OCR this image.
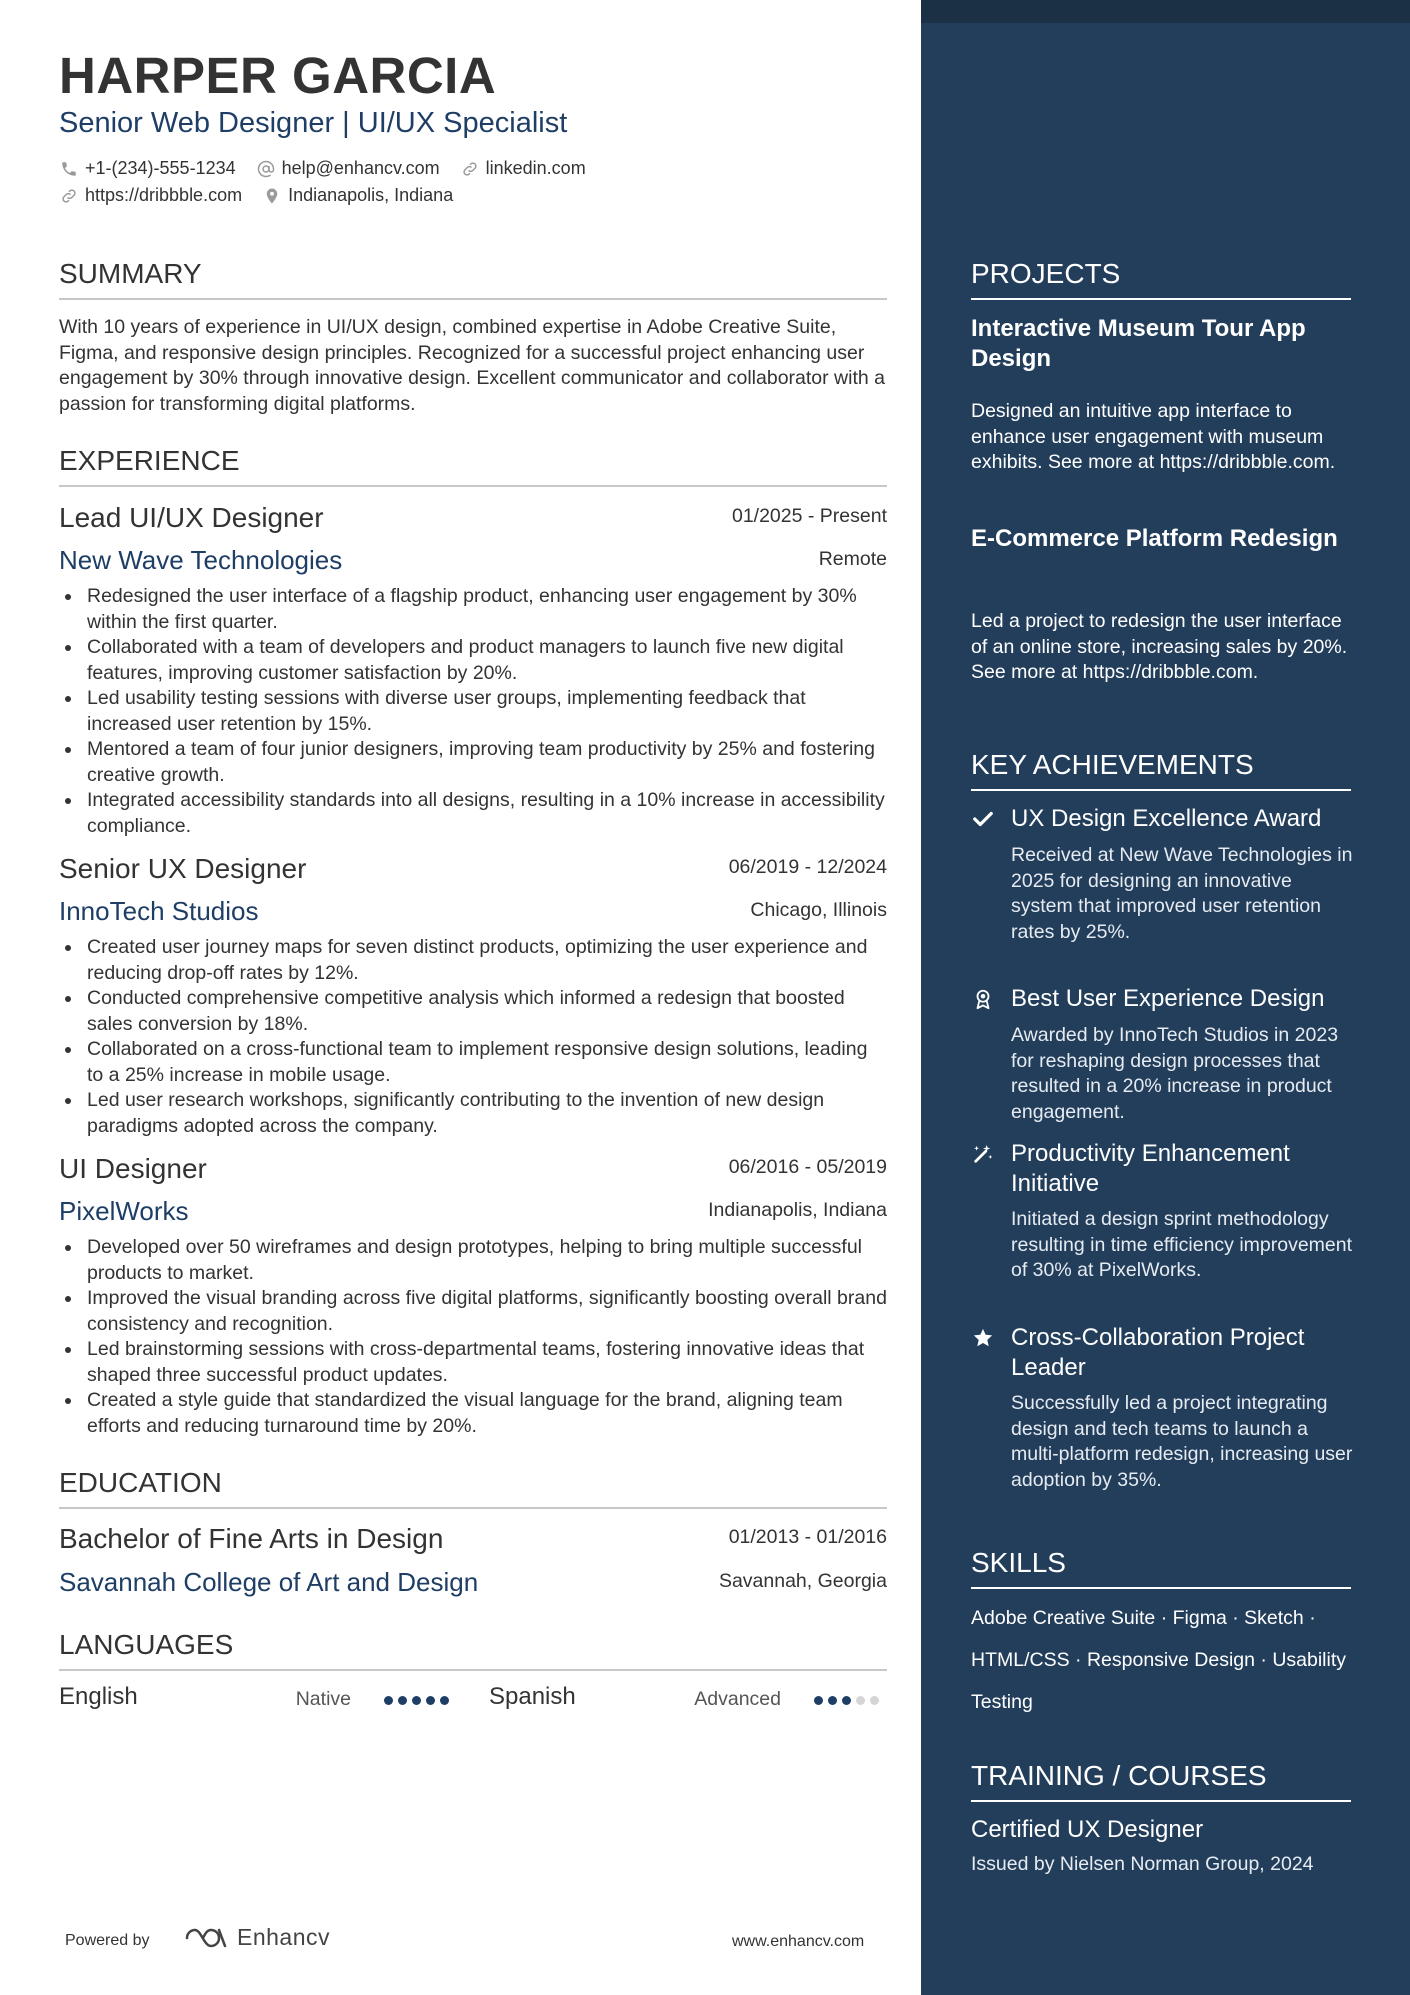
HARPER GARCIA
Senior Web Designer | UI/UX Specialist
+1-(234)-555-1234	help@enhancv.com	linkedin.com
https://dribbble.com	Indianapolis, Indiana
SUMMARY
With 10 years of experience in UI/UX design, combined expertise in Adobe Creative Suite, Figma, and responsive design principles. Recognized for a successful project enhancing user engagement by 30% through innovative design. Excellent communicator and collaborator with a passion for transforming digital platforms.
EXPERIENCE
Lead UI/UX Designer	01/2025 - Present
New Wave Technologies	Remote
Redesigned the user interface of a flagship product, enhancing user engagement by 30% within the first quarter.
Collaborated with a team of developers and product managers to launch five new digital features, improving customer satisfaction by 20%.
Led usability testing sessions with diverse user groups, implementing feedback that increased user retention by 15%.
Mentored a team of four junior designers, improving team productivity by 25% and fostering creative growth.
Integrated accessibility standards into all designs, resulting in a 10% increase in accessibility compliance.
Senior UX Designer	06/2019 - 12/2024
InnoTech Studios	Chicago, Illinois
Created user journey maps for seven distinct products, optimizing the user experience and reducing drop-off rates by 12%.
Conducted comprehensive competitive analysis which informed a redesign that boosted sales conversion by 18%.
Collaborated on a cross-functional team to implement responsive design solutions, leading to a 25% increase in mobile usage.
Led user research workshops, significantly contributing to the invention of new design paradigms adopted across the company.
UI Designer	06/2016 - 05/2019
PixelWorks	Indianapolis, Indiana
Developed over 50 wireframes and design prototypes, helping to bring multiple successful products to market.
Improved the visual branding across five digital platforms, significantly boosting overall brand consistency and recognition.
Led brainstorming sessions with cross-departmental teams, fostering innovative ideas that shaped three successful product updates.
Created a style guide that standardized the visual language for the brand, aligning team efforts and reducing turnaround time by 20%.
EDUCATION
Bachelor of Fine Arts in Design	01/2013 - 01/2016
Savannah College of Art and Design	Savannah, Georgia
LANGUAGES
English	Native	Spanish	Advanced
Powered by	Enhancv	www.enhancv.com
PROJECTS
Interactive Museum Tour App Design
Designed an intuitive app interface to enhance user engagement with museum exhibits. See more at https://dribbble.com.
E-Commerce Platform Redesign
Led a project to redesign the user interface of an online store, increasing sales by 20%. See more at https://dribbble.com.
KEY ACHIEVEMENTS
UX Design Excellence Award
Received at New Wave Technologies in 2025 for designing an innovative system that improved user retention rates by 25%.
Best User Experience Design
Awarded by InnoTech Studios in 2023 for reshaping design processes that resulted in a 20% increase in product engagement.
Productivity Enhancement Initiative
Initiated a design sprint methodology resulting in time efficiency improvement of 30% at PixelWorks.
Cross-Collaboration Project Leader
Successfully led a project integrating design and tech teams to launch a multi-platform redesign, increasing user adoption by 35%.
SKILLS
Adobe Creative Suite · Figma · Sketch · HTML/CSS · Responsive Design · Usability Testing
TRAINING / COURSES
Certified UX Designer
Issued by Nielsen Norman Group, 2024
